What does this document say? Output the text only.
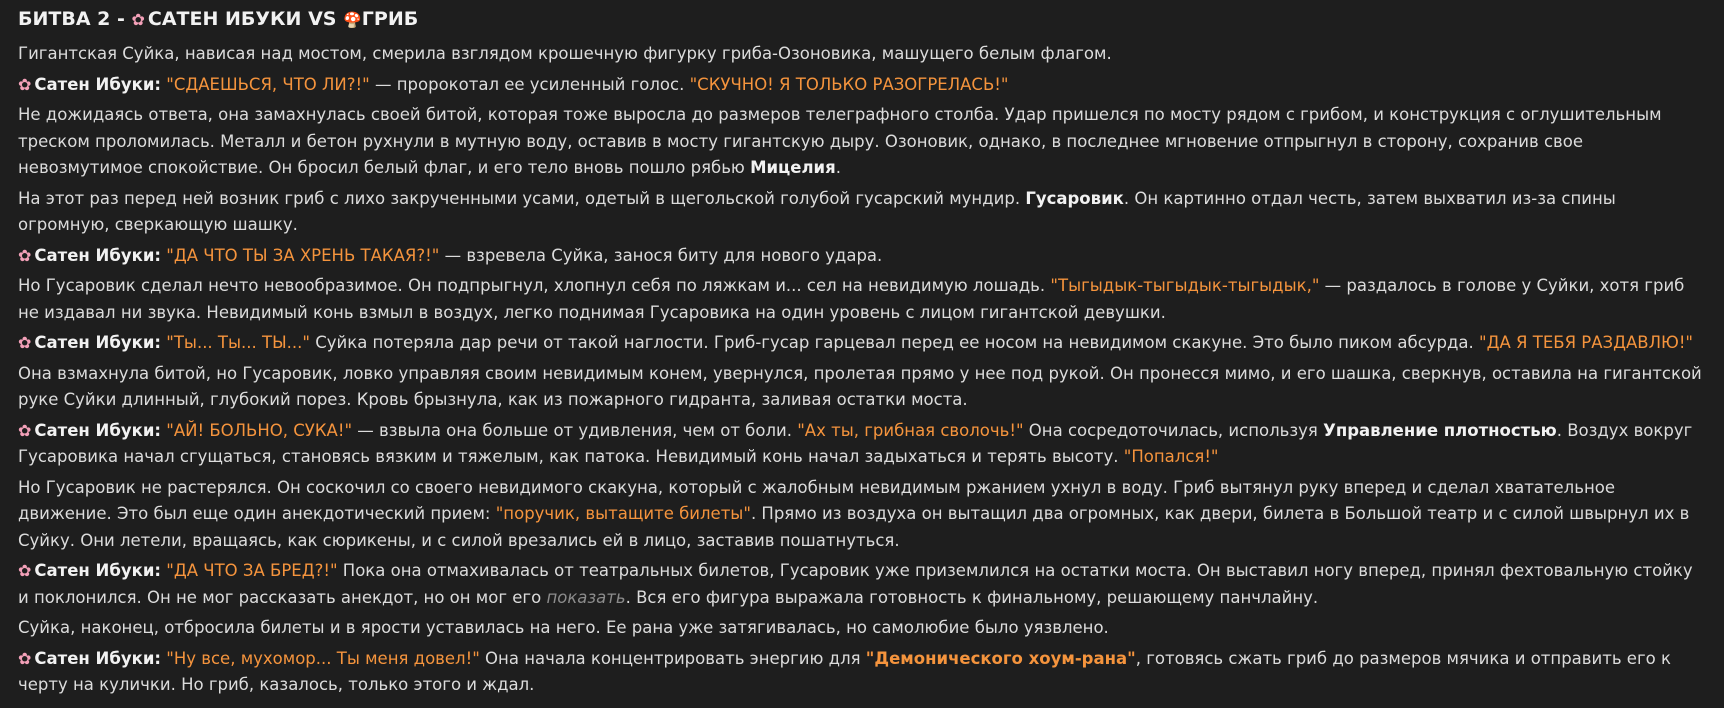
БИТВА 2 - ✿ САТЕН ИБУКИ VS 🍄ГРИБ

Гигантская Суйка, нависая над мостом, смерила взглядом крошечную фигурку гриба-Озоновика, машущего белым флагом.

✿ Сатен Ибуки: "СДАЕШЬСЯ, ЧТО ЛИ?!" — пророкотал ее усиленный голос. "СКУЧНО! Я ТОЛЬКО РАЗОГРЕЛАСЬ!"

Не дожидаясь ответа, она замахнулась своей битой, которая тоже выросла до размеров телеграфного столба. Удар пришелся по мосту рядом с грибом, и конструкция с оглушительным треском проломилась. Металл и бетон рухнули в мутную воду, оставив в мосту гигантскую дыру. Озоновик, однако, в последнее мгновение отпрыгнул в сторону, сохранив свое невозмутимое спокойствие. Он бросил белый флаг, и его тело вновь пошло рябью Мицелия.

На этот раз перед ней возник гриб с лихо закрученными усами, одетый в щегольской голубой гусарский мундир. Гусаровик. Он картинно отдал честь, затем выхватил из-за спины огромную, сверкающую шашку.

✿ Сатен Ибуки: "ДА ЧТО ТЫ ЗА ХРЕНЬ ТАКАЯ?!" — взревела Суйка, занося биту для нового удара.

Но Гусаровик сделал нечто невообразимое. Он подпрыгнул, хлопнул себя по ляжкам и... сел на невидимую лошадь. "Тыгыдык-тыгыдык-тыгыдык," — раздалось в голове у Суйки, хотя гриб не издавал ни звука. Невидимый конь взмыл в воздух, легко поднимая Гусаровика на один уровень с лицом гигантской девушки.

✿ Сатен Ибуки: "Ты... Ты... ТЫ..." Суйка потеряла дар речи от такой наглости. Гриб-гусар гарцевал перед ее носом на невидимом скакуне. Это было пиком абсурда. "ДА Я ТЕБЯ РАЗДАВЛЮ!"

Она взмахнула битой, но Гусаровик, ловко управляя своим невидимым конем, увернулся, пролетая прямо у нее под рукой. Он пронесся мимо, и его шашка, сверкнув, оставила на гигантской руке Суйки длинный, глубокий порез. Кровь брызнула, как из пожарного гидранта, заливая остатки моста.

✿ Сатен Ибуки: "АЙ! БОЛЬНО, СУКА!" — взвыла она больше от удивления, чем от боли. "Ах ты, грибная сволочь!" Она сосредоточилась, используя Управление плотностью. Воздух вокруг Гусаровика начал сгущаться, становясь вязким и тяжелым, как патока. Невидимый конь начал задыхаться и терять высоту. "Попался!"

Но Гусаровик не растерялся. Он соскочил со своего невидимого скакуна, который с жалобным невидимым ржанием ухнул в воду. Гриб вытянул руку вперед и сделал хватательное движение. Это был еще один анекдотический прием: "поручик, вытащите билеты". Прямо из воздуха он вытащил два огромных, как двери, билета в Большой театр и с силой швырнул их в Суйку. Они летели, вращаясь, как сюрикены, и с силой врезались ей в лицо, заставив пошатнуться.

✿ Сатен Ибуки: "ДА ЧТО ЗА БРЕД?!" Пока она отмахивалась от театральных билетов, Гусаровик уже приземлился на остатки моста. Он выставил ногу вперед, принял фехтовальную стойку и поклонился. Он не мог рассказать анекдот, но он мог его показать. Вся его фигура выражала готовность к финальному, решающему панчлайну.

Суйка, наконец, отбросила билеты и в ярости уставилась на него. Ее рана уже затягивалась, но самолюбие было уязвлено.

✿ Сатен Ибуки: "Ну все, мухомор... Ты меня довел!" Она начала концентрировать энергию для "Демонического хоум-рана", готовясь сжать гриб до размеров мячика и отправить его к черту на кулички. Но гриб, казалось, только этого и ждал.
